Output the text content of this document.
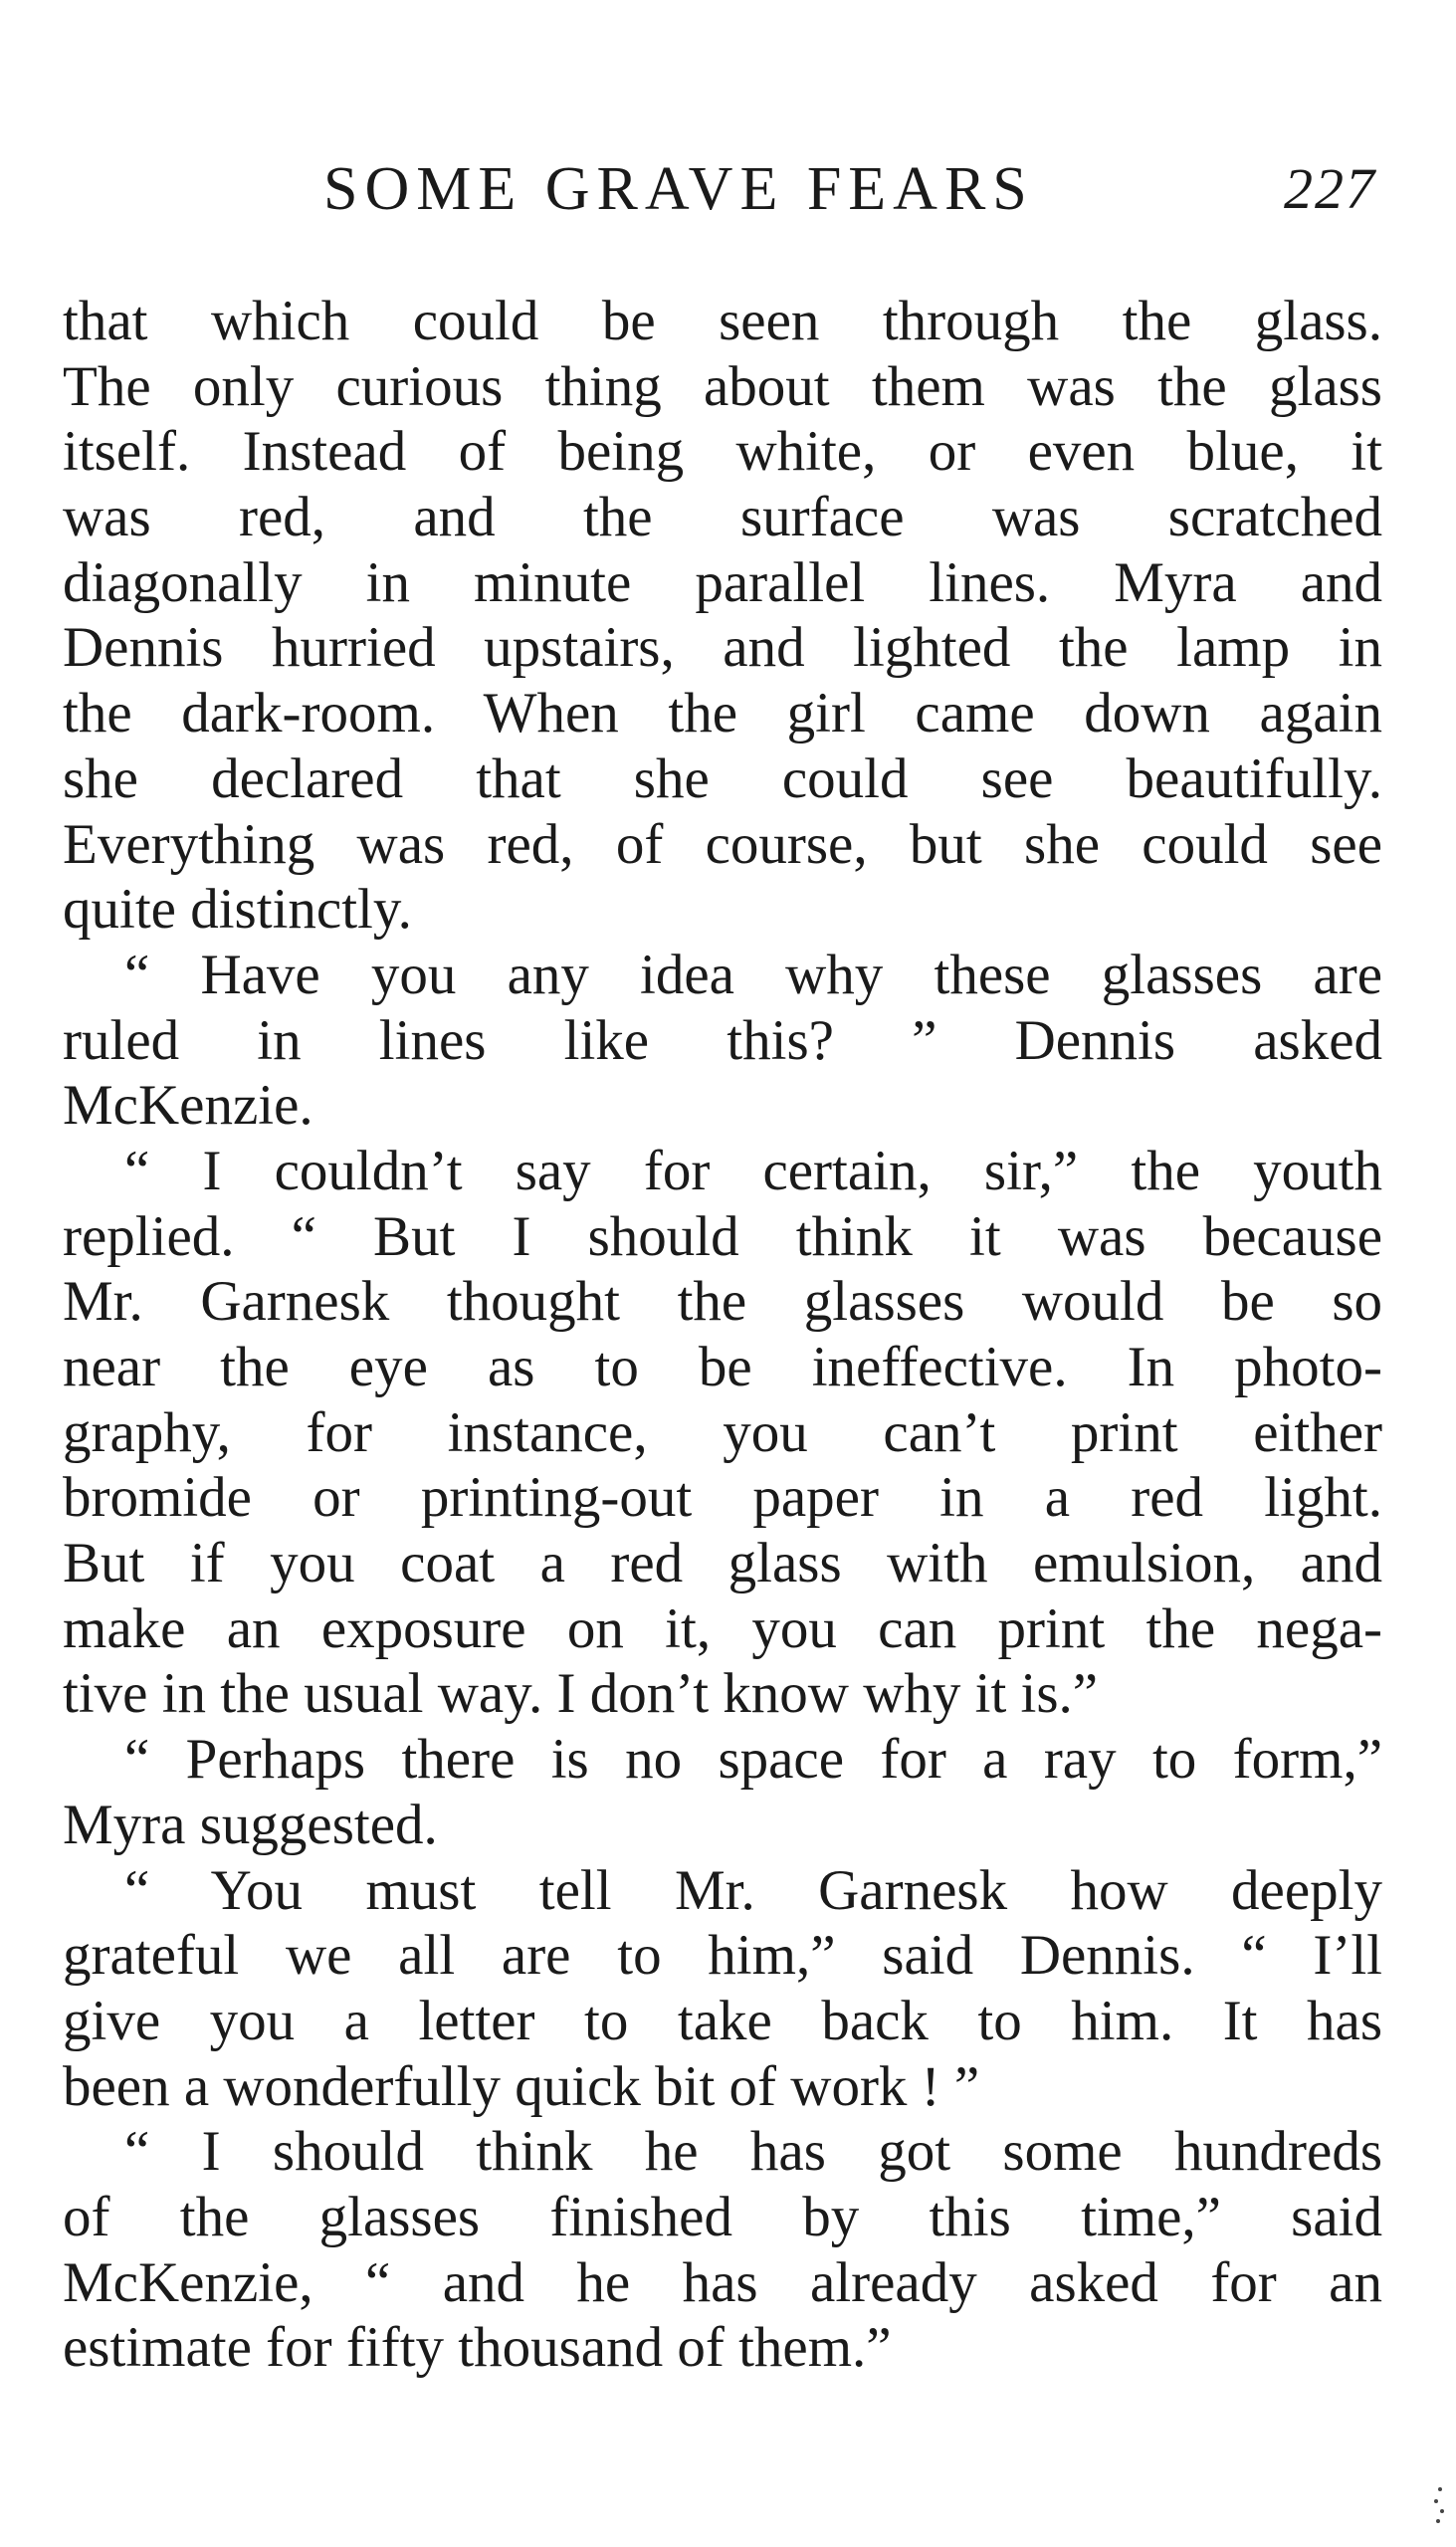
SOME GRAVE FEARS	227
that which could be seen through the glass.
The only curious thing about them was the glass
itself. Instead of being white, or even blue, it
was red, and the surface was scratched
diagonally in minute parallel lines. Myra and
Dennis hurried upstairs, and lighted the lamp in
the dark-room. When the girl came down again
she declared that she could see beautifully.
Everything was red, of course, but she could see
quite distinctly.
“ Have you any idea why these glasses are
ruled in lines like this? ” Dennis asked
McKenzie.
“ I couldn’t say for certain, sir,” the youth
replied. “ But I should think it was because
Mr. Garnesk thought the glasses would be so
near the eye as to be ineffective. In photo-
graphy, for instance, you can’t print either
bromide or printing-out paper in a red light.
But if you coat a red glass with emulsion, and
make an exposure on it, you can print the nega-
tive in the usual way. I don’t know why it is.”
“ Perhaps there is no space for a ray to form,”
Myra suggested.
“ You must tell Mr. Garnesk how deeply
grateful we all are to him,” said Dennis. “ I’ll
give you a letter to take back to him. It has
been a wonderfully quick bit of work ! ”
“ I should think he has got some hundreds
of the glasses finished by this time,” said
McKenzie, “ and he has already asked for an
estimate for fifty thousand of them.”
